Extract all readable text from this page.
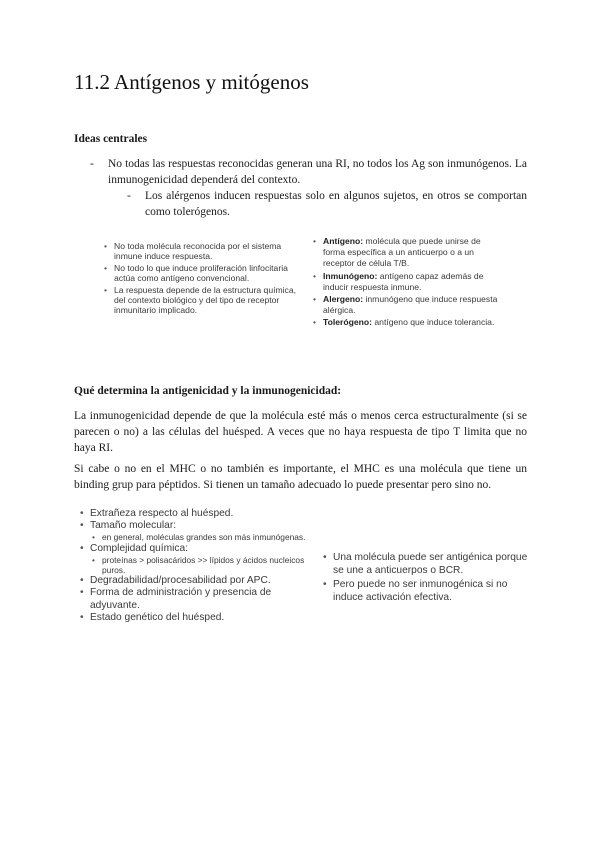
11.2 Antígenos y mitógenos
Ideas centrales
- No todas las respuestas reconocidas generan una RI, no todos los Ag son inmunógenos. La inmunogenicidad dependerá del contexto.
- Los alérgenos inducen respuestas solo en algunos sujetos, en otros se comportan como tolerógenos.
• No toda molécula reconocida por el sistema inmune induce respuesta.
• No todo lo que induce proliferación linfocitaria actúa como antígeno convencional.
• La respuesta depende de la estructura química, del contexto biológico y del tipo de receptor inmunitario implicado.
• Antígeno: molécula que puede unirse de forma específica a un anticuerpo o a un receptor de célula T/B.
• Inmunógeno: antígeno capaz además de inducir respuesta inmune.
• Alergeno: inmunógeno que induce respuesta alérgica.
• Tolerógeno: antígeno que induce tolerancia.
Qué determina la antigenicidad y la inmunogenicidad:

La inmunogenicidad depende de que la molécula esté más o menos cerca estructuralmente (si se parecen o no) a las células del huésped. A veces que no haya respuesta de tipo T limita que no haya RI.

Si cabe o no en el MHC o no también es importante, el MHC es una molécula que tiene un binding grup para péptidos. Si tienen un tamaño adecuado lo puede presentar pero sino no.

• Extrañeza respecto al huésped.
• Tamaño molecular:
• en general, moléculas grandes son más inmunógenas.
• Complejidad química:
• proteínas > polisacáridos >> lípidos y ácidos nucleicos puros.
• Degradabilidad/procesabilidad por APC.
• Forma de administración y presencia de adyuvante.
• Estado genético del huésped.
• Una molécula puede ser antigénica porque se une a anticuerpos o BCR.
• Pero puede no ser inmunogénica si no induce activación efectiva.
